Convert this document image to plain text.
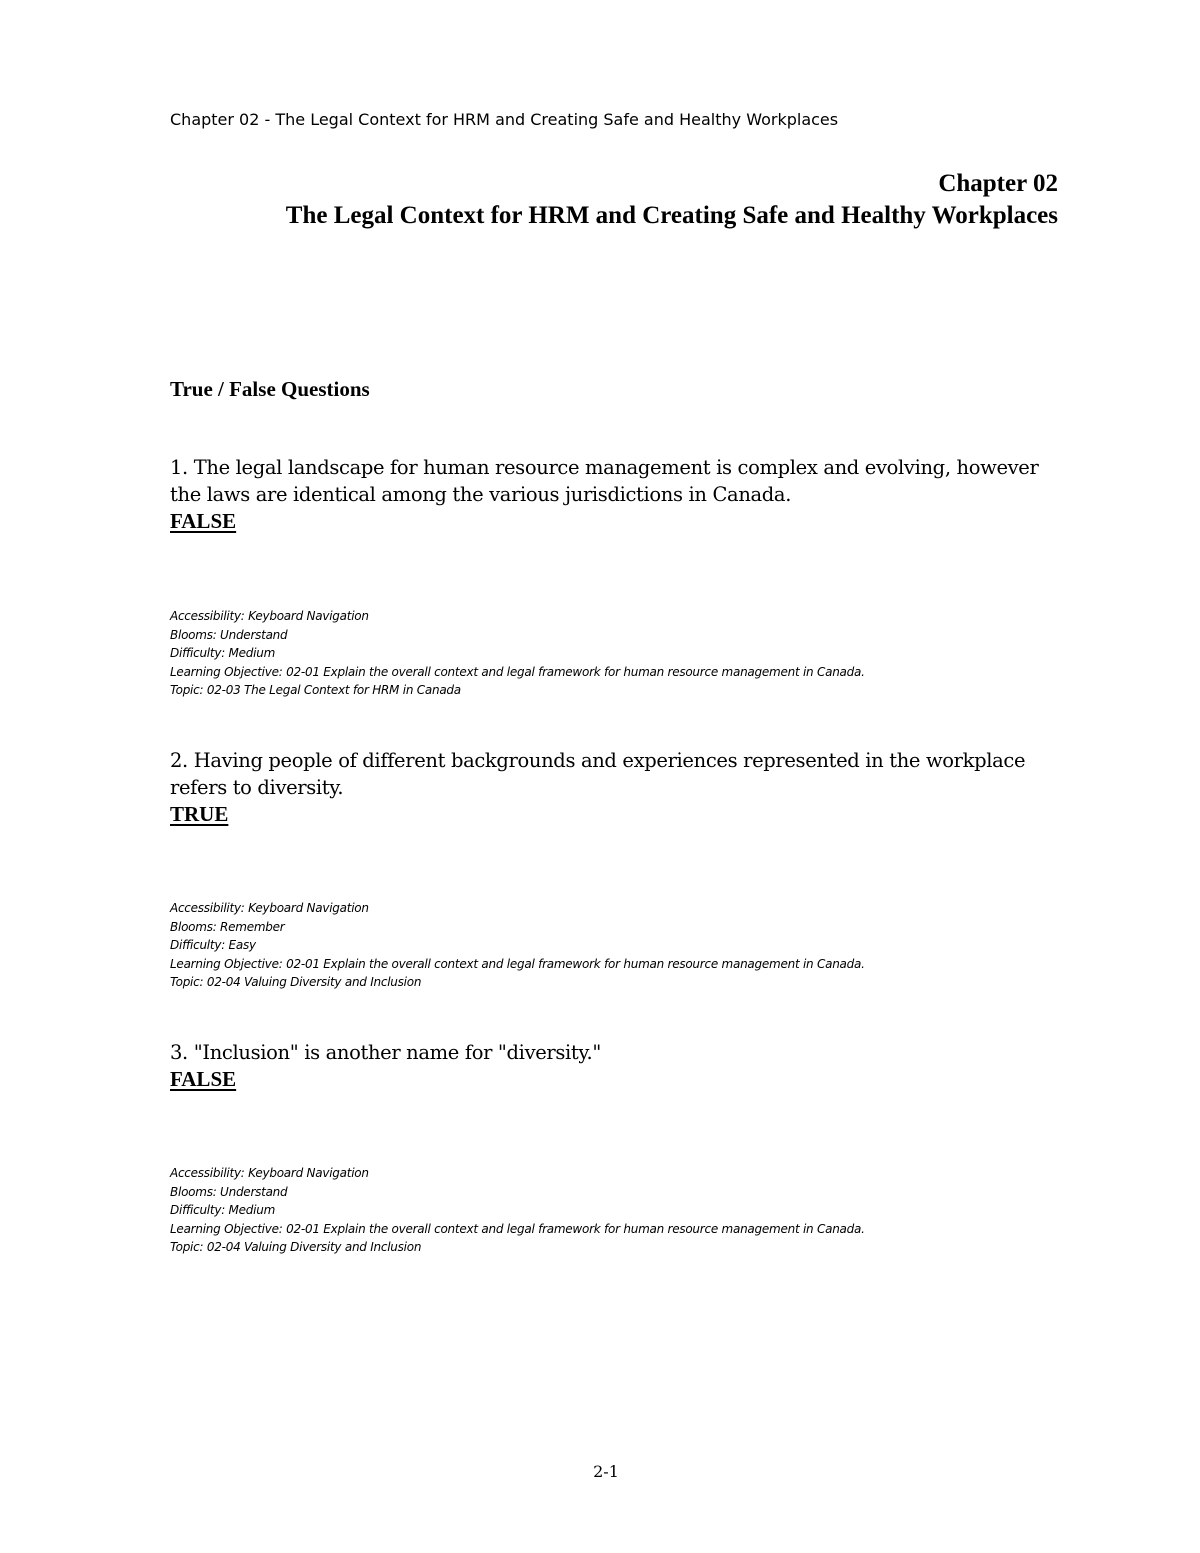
Chapter 02 - The Legal Context for HRM and Creating Safe and Healthy Workplaces
Chapter 02
The Legal Context for HRM and Creating Safe and Healthy Workplaces
True / False Questions

1. The legal landscape for human resource management is complex and evolving, however the laws are identical among the various jurisdictions in Canada.

FALSE
Accessibility: Keyboard Navigation
Blooms: Understand
Difficulty: Medium
Learning Objective: 02-01 Explain the overall context and legal framework for human resource management in Canada.
Topic: 02-03 The Legal Context for HRM in Canada

2. Having people of different backgrounds and experiences represented in the workplace refers to diversity.

TRUE
Accessibility: Keyboard Navigation
Blooms: Remember
Difficulty: Easy
Learning Objective: 02-01 Explain the overall context and legal framework for human resource management in Canada.
Topic: 02-04 Valuing Diversity and Inclusion

3. "Inclusion" is another name for "diversity."

FALSE
Accessibility: Keyboard Navigation
Blooms: Understand
Difficulty: Medium
Learning Objective: 02-01 Explain the overall context and legal framework for human resource management in Canada.
Topic: 02-04 Valuing Diversity and Inclusion
2-1
